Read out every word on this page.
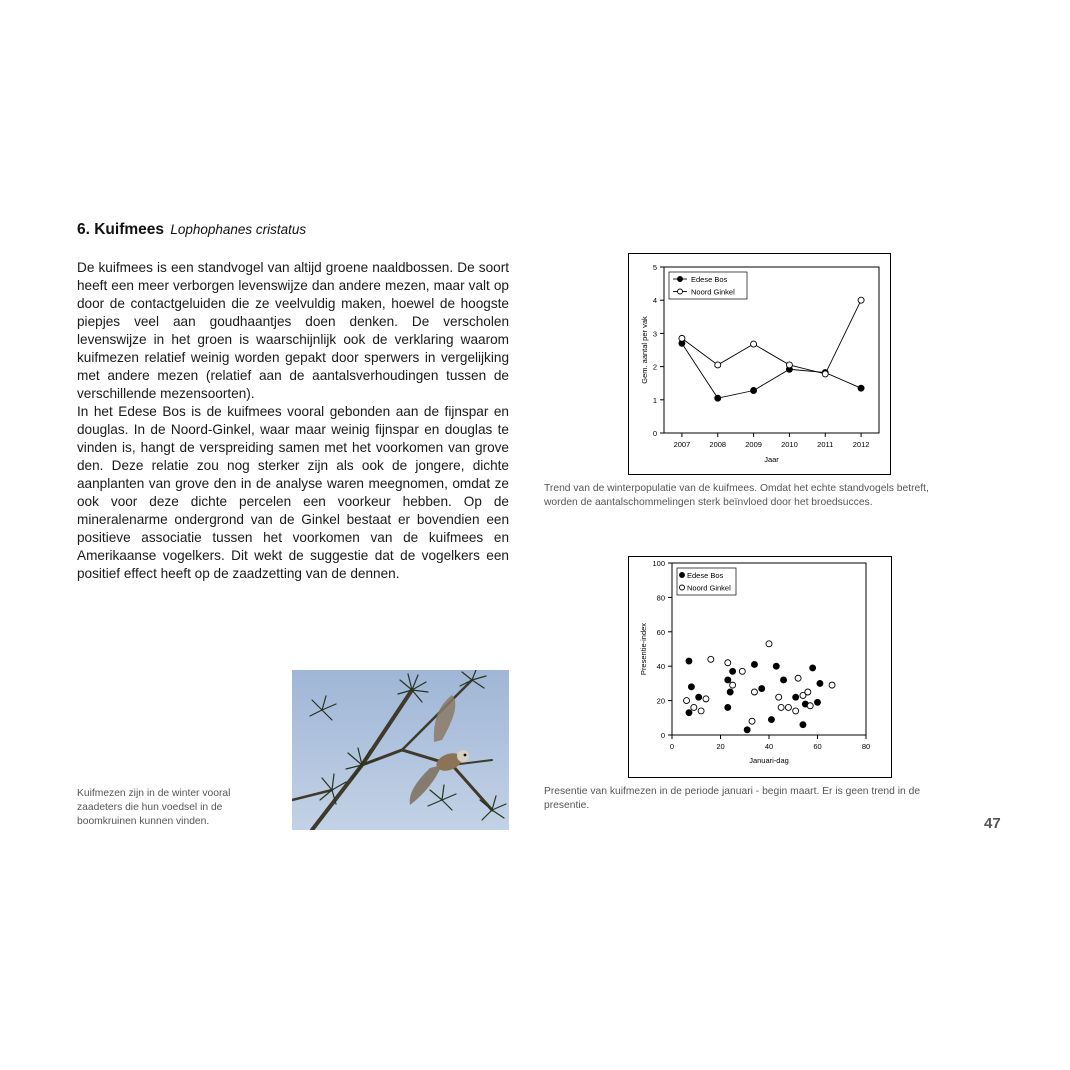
6. Kuifmees Lophophanes cristatus

De kuifmees is een standvogel van altijd groene naaldbossen. De soort heeft een meer verborgen levenswijze dan andere mezen, maar valt op door de contactgeluiden die ze veelvuldig maken, hoewel de hoogste piepjes veel aan goudhaantjes doen denken. De verscholen levenswijze in het groen is waarschijnlijk ook de verklaring waarom kuifmezen relatief weinig worden gepakt door sperwers in vergelijking met andere mezen (relatief aan de aantalsverhoudingen tussen de verschillende mezensoorten).

In het Edese Bos is de kuifmees vooral gebonden aan de fijnspar en douglas. In de Noord-Ginkel, waar maar weinig fijnspar en douglas te vinden is, hangt de verspreiding samen met het voorkomen van grove den. Deze relatie zou nog sterker zijn als ook de jongere, dichte aanplanten van grove den in de analyse waren meegnomen, omdat ze ook voor deze dichte percelen een voorkeur hebben. Op de mineralenarme ondergrond van de Ginkel bestaat er bovendien een positieve associatie tussen het voorkomen van de kuifmees en Amerikaanse vogelkers. Dit wekt de suggestie dat de vogelkers een positief effect heeft op de zaadzetting van de dennen.

Kuifmezen zijn in de winter vooral zaadeters die hun voedsel in de boomkruinen kunnen vinden.
0
1
2
3
4
5
2007	2008	2009	2010	2011	2012
Jaar
Gem. aantal per vak
Edese Bos
Noord Ginkel
Trend van de winterpopulatie van de kuifmees. Omdat het echte standvogels betreft, worden de aantalschommelingen sterk beïnvloed door het broedsucces.
0
20
40
60
80
100
0	20	40	60	80
Januari-dag
Presentie-index
Edese Bos
Noord Ginkel
Presentie van kuifmezen in de periode januari - begin maart. Er is geen trend in de presentie.
47
